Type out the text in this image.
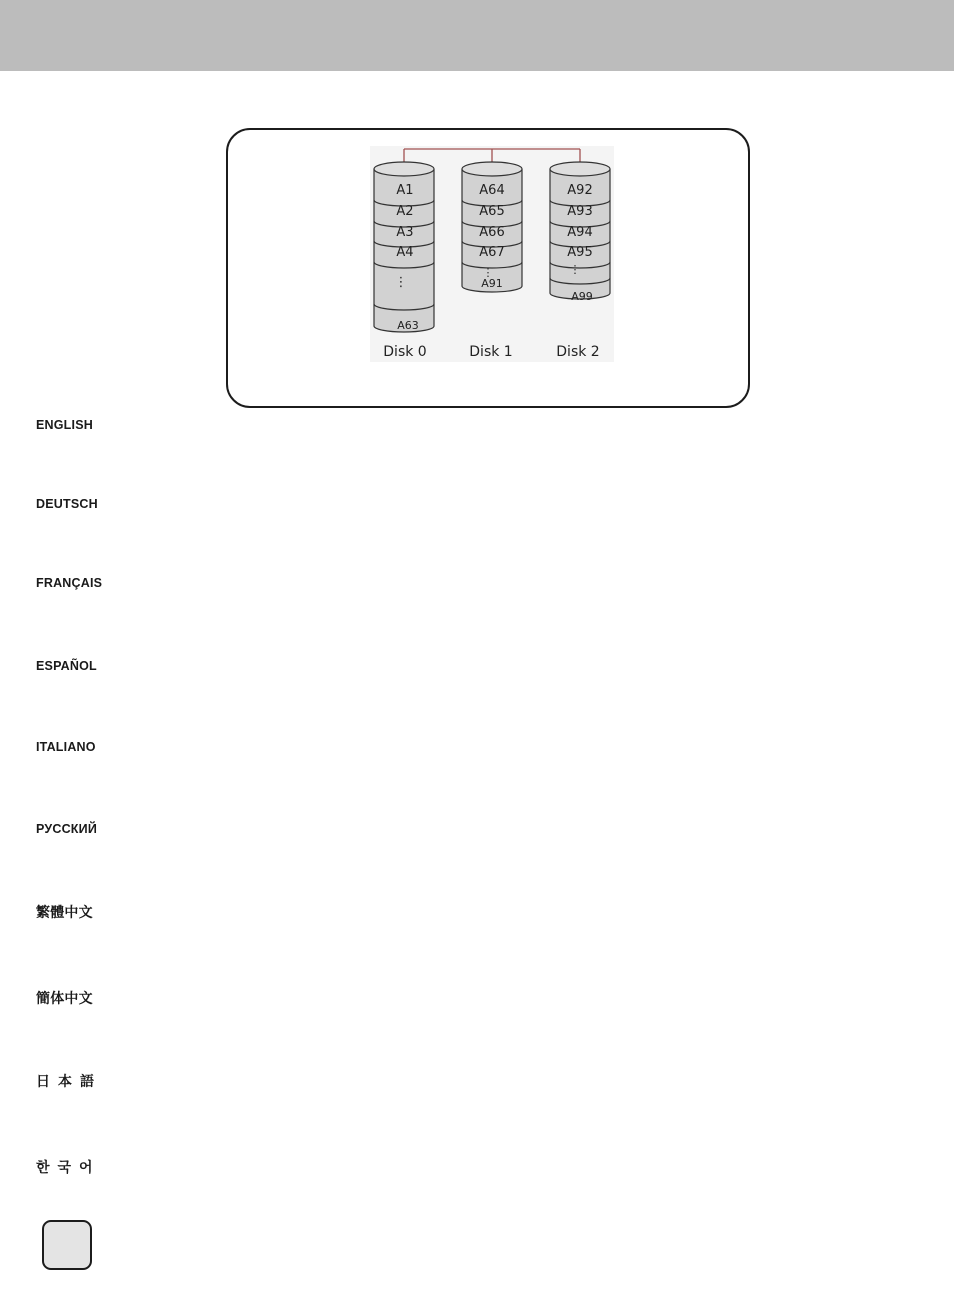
A1
A2
A3
A4
⋮
A63
A64
A65
A66
A67
⋮
A91
A92
A93
A94
A95
⋮
A99
Disk 0	Disk 1	Disk 2
ENGLISH
DEUTSCH
FRANÇAIS
ESPAÑOL
ITALIANO
РУССКИЙ
繁體中文
簡体中文
日本語
한국어
